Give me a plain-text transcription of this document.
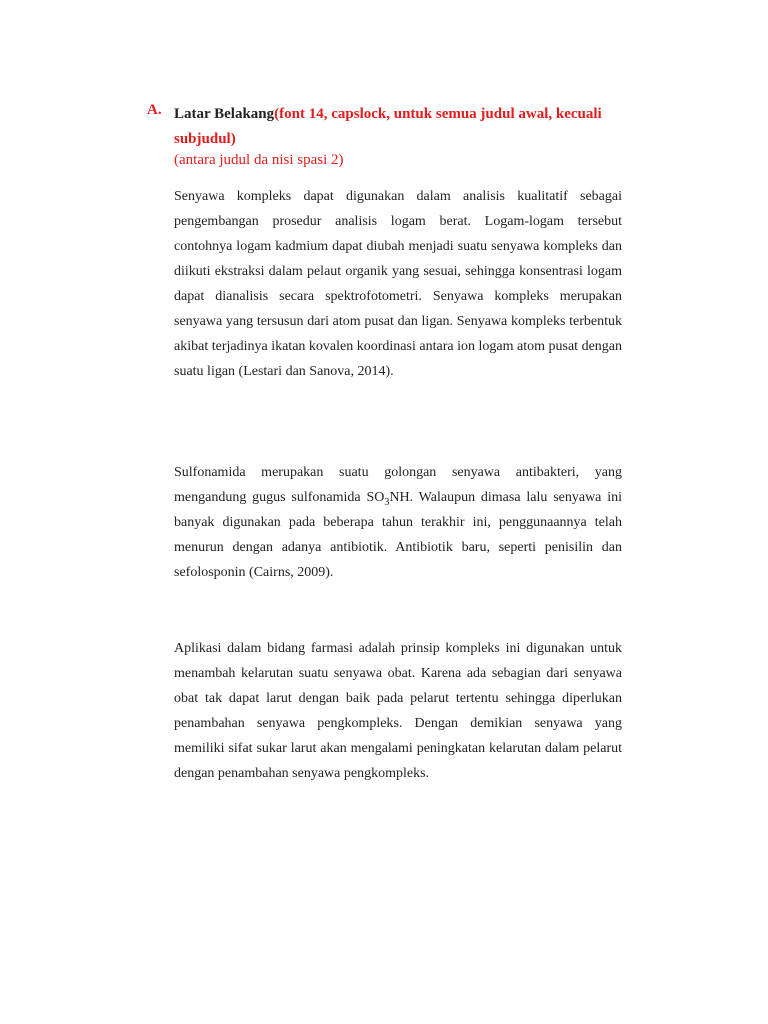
A. Latar Belakang(font 14, capslock, untuk semua judul awal, kecuali subjudul)
(antara judul da nisi spasi 2)

Senyawa kompleks dapat digunakan dalam analisis kualitatif sebagai pengembangan prosedur analisis logam berat. Logam-logam tersebut contohnya logam kadmium dapat diubah menjadi suatu senyawa kompleks dan diikuti ekstraksi dalam pelaut organik yang sesuai, sehingga konsentrasi logam dapat dianalisis secara spektrofotometri. Senyawa kompleks merupakan senyawa yang tersusun dari atom pusat dan ligan. Senyawa kompleks terbentuk akibat terjadinya ikatan kovalen koordinasi antara ion logam atom pusat dengan suatu ligan (Lestari dan Sanova, 2014).

Sulfonamida merupakan suatu golongan senyawa antibakteri, yang mengandung gugus sulfonamida $SO_3NH$. Walaupun dimasa lalu senyawa ini banyak digunakan pada beberapa tahun terakhir ini, penggunaannya telah menurun dengan adanya antibiotik. Antibiotik baru, seperti penisilin dan sefolosponin (Cairns, 2009).

Aplikasi dalam bidang farmasi adalah prinsip kompleks ini digunakan untuk menambah kelarutan suatu senyawa obat. Karena ada sebagian dari senyawa obat tak dapat larut dengan baik pada pelarut tertentu sehingga diperlukan penambahan senyawa pengkompleks. Dengan demikian senyawa yang memiliki sifat sukar larut akan mengalami peningkatan kelarutan dalam pelarut dengan penambahan senyawa pengkompleks.
